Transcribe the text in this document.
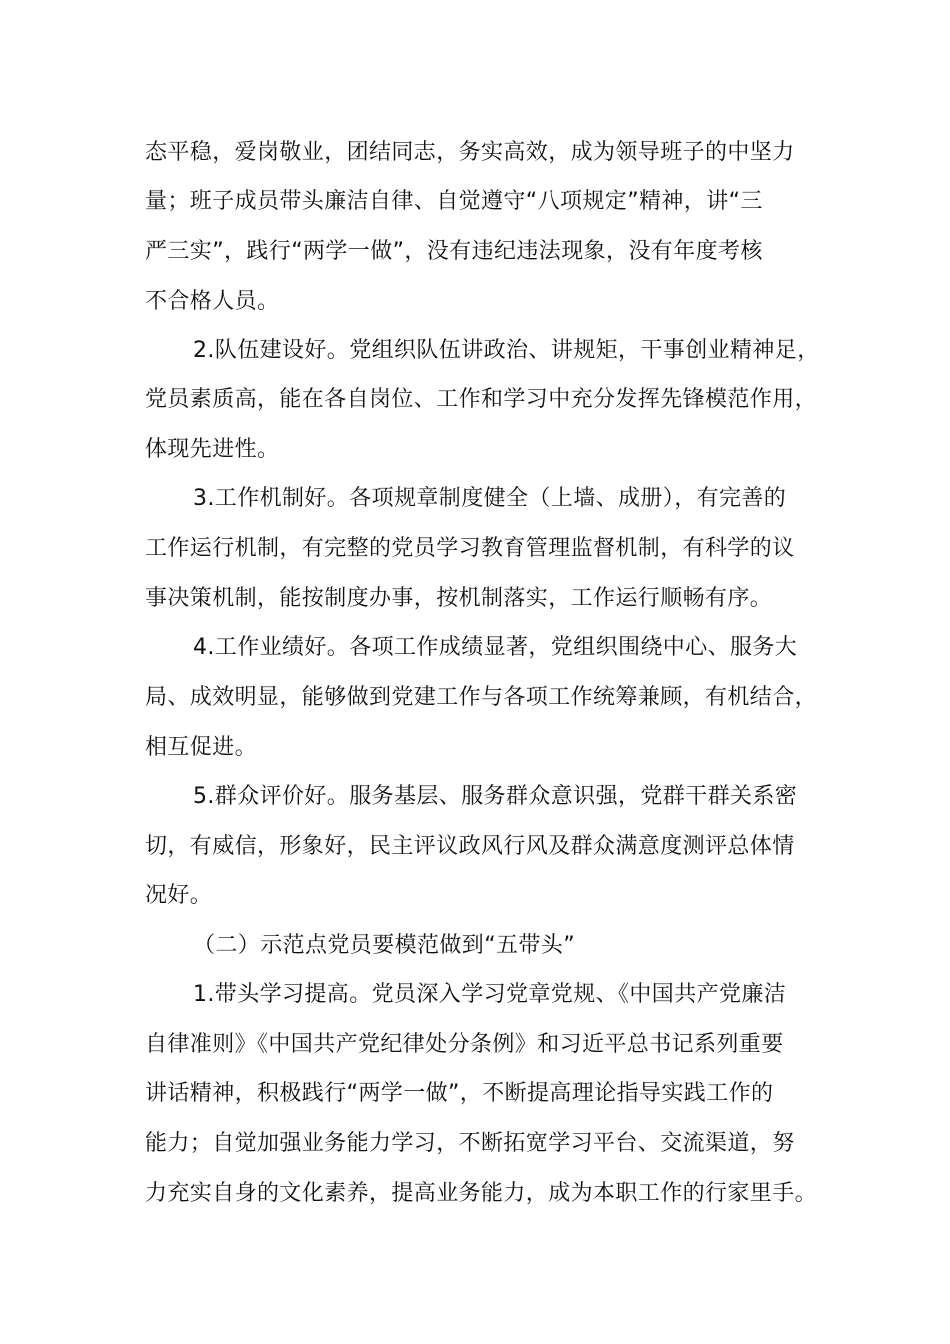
态平稳，爱岗敬业，团结同志，务实高效，成为领导班子的中坚力
量；班子成员带头廉洁自律、自觉遵守“八项规定”精神，讲“三
严三实”，践行“两学一做”，没有违纪违法现象，没有年度考核
不合格人员。
2.队伍建设好。党组织队伍讲政治、讲规矩，干事创业精神足，
党员素质高，能在各自岗位、工作和学习中充分发挥先锋模范作用，
体现先进性。
3.工作机制好。各项规章制度健全（上墙、成册），有完善的
工作运行机制，有完整的党员学习教育管理监督机制，有科学的议
事决策机制，能按制度办事，按机制落实，工作运行顺畅有序。
4.工作业绩好。各项工作成绩显著，党组织围绕中心、服务大
局、成效明显，能够做到党建工作与各项工作统筹兼顾，有机结合，
相互促进。
5.群众评价好。服务基层、服务群众意识强，党群干群关系密
切，有威信，形象好，民主评议政风行风及群众满意度测评总体情
况好。
（二）示范点党员要模范做到“五带头”
1.带头学习提高。党员深入学习党章党规、《中国共产党廉洁
自律准则》《中国共产党纪律处分条例》和习近平总书记系列重要
讲话精神，积极践行“两学一做”，不断提高理论指导实践工作的
能力；自觉加强业务能力学习，不断拓宽学习平台、交流渠道，努
力充实自身的文化素养，提高业务能力，成为本职工作的行家里手。
